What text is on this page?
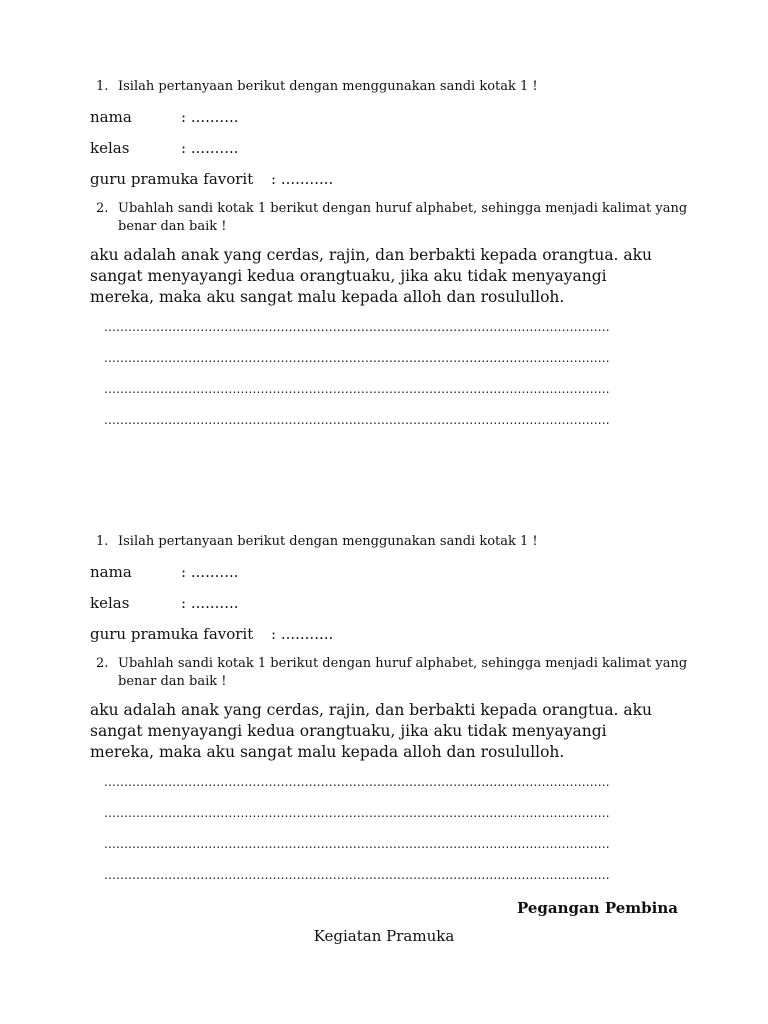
1. Isilah pertanyaan berikut dengan menggunakan sandi kotak 1 !
nama	: ..........
kelas	: ..........
guru pramuka favorit : ...........
2. Ubahlah sandi kotak 1 berikut dengan huruf alphabet, sehingga menjadi kalimat yang
benar dan baik !
aku adalah anak yang cerdas, rajin, dan berbakti kepada orangtua. aku sangat menyayangi kedua orangtuaku, jika aku tidak menyayangi mereka, maka aku sangat malu kepada alloh dan rosululloh.
..............................................................................................................................
..............................................................................................................................
..............................................................................................................................
..............................................................................................................................
1. Isilah pertanyaan berikut dengan menggunakan sandi kotak 1 !
nama	: ..........
kelas	: ..........
guru pramuka favorit : ...........
2. Ubahlah sandi kotak 1 berikut dengan huruf alphabet, sehingga menjadi kalimat yang
benar dan baik !
aku adalah anak yang cerdas, rajin, dan berbakti kepada orangtua. aku sangat menyayangi kedua orangtuaku, jika aku tidak menyayangi mereka, maka aku sangat malu kepada alloh dan rosululloh.
..............................................................................................................................
..............................................................................................................................
..............................................................................................................................
..............................................................................................................................
Pegangan Pembina
Kegiatan Pramuka
